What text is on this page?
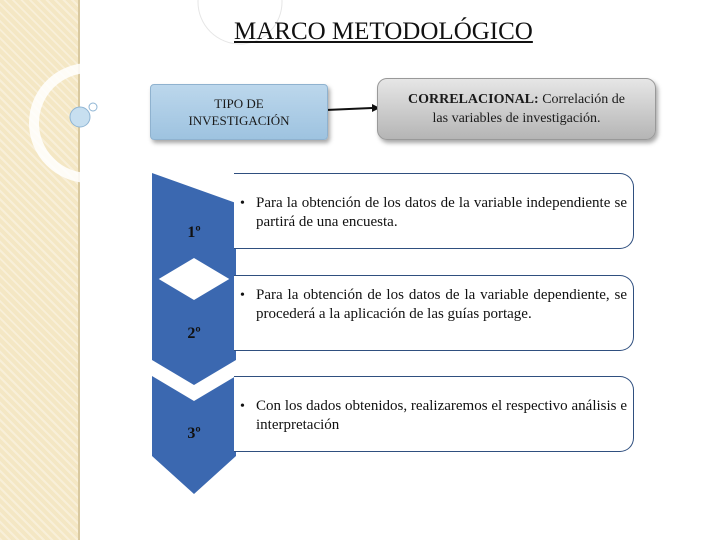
MARCO METODOLÓGICO
TIPO DE
INVESTIGACIÓN
CORRELACIONAL: Correlación de
las variables de investigación.
• Para la obtención de los datos de la variable independiente se partirá de una encuesta.
1º
• Para la obtención de los datos de la variable dependiente, se procederá a la aplicación de las guías portage.
2º
• Con los dados obtenidos, realizaremos el respectivo análisis e interpretación
3º
